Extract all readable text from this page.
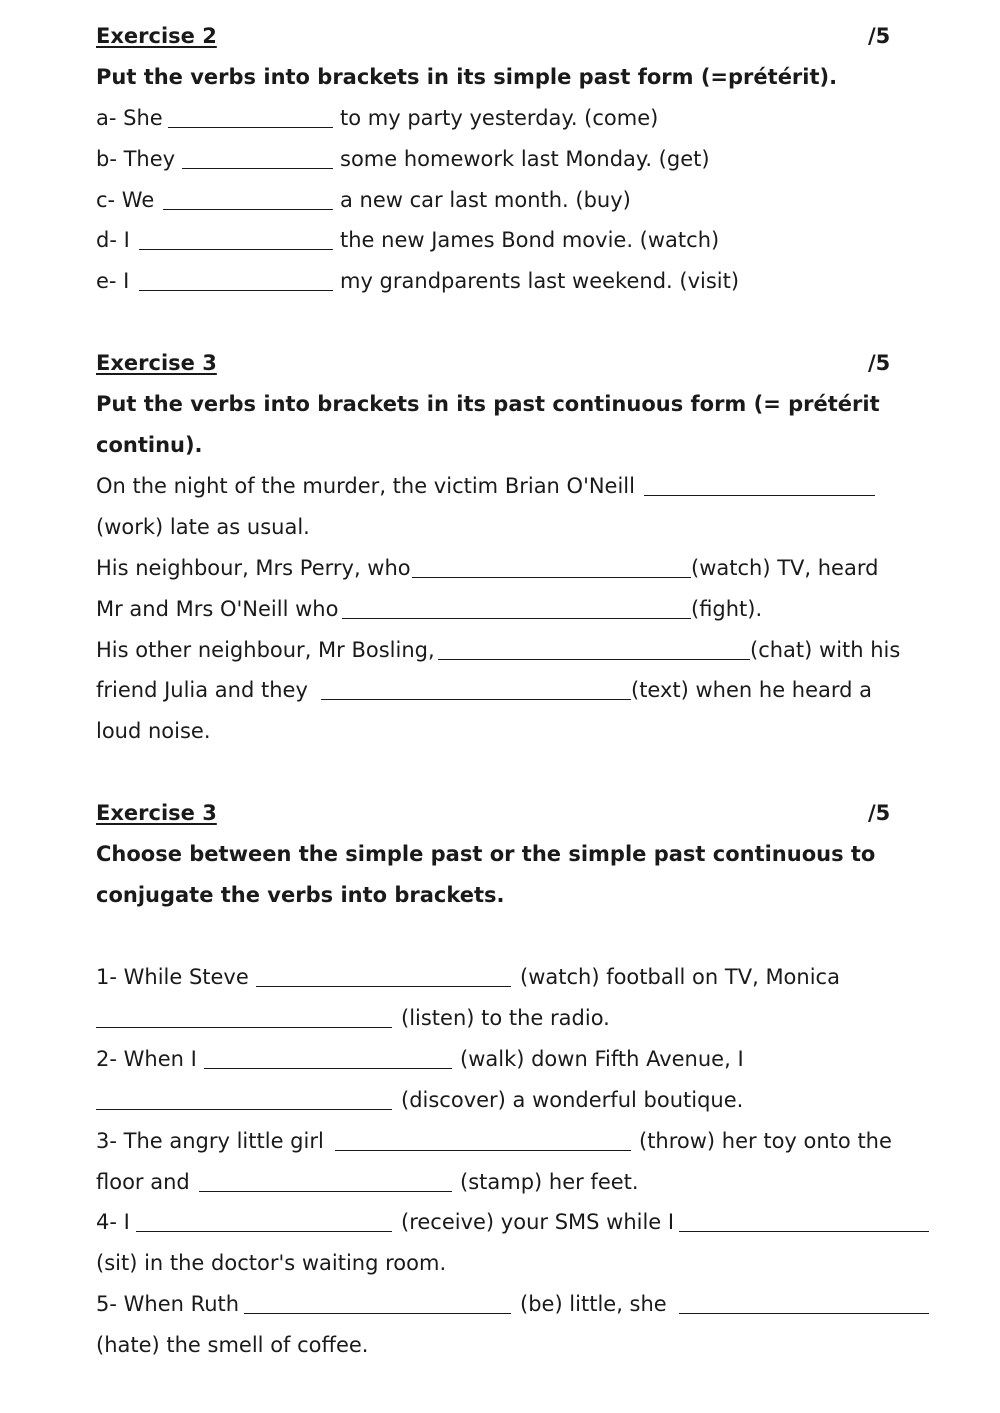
Exercise 2	/5
Put the verbs into brackets in its simple past form (=prétérit).
a- She	to my party yesterday. (come)
b- They	some homework last Monday. (get)
c- We	a new car last month. (buy)
d- I	the new James Bond movie. (watch)
e- I	my grandparents last weekend. (visit)
Exercise 3	/5
Put the verbs into brackets in its past continuous form (= prétérit
continu).
On the night of the murder, the victim Brian O'Neill
(work) late as usual.
His neighbour, Mrs Perry, who	(watch) TV, heard
Mr and Mrs O'Neill who	(fight).
His other neighbour, Mr Bosling,	(chat) with his
friend Julia and they	(text) when he heard a
loud noise.
Exercise 3	/5
Choose between the simple past or the simple past continuous to
conjugate the verbs into brackets.
1- While Steve	(watch) football on TV, Monica
(listen) to the radio.
2- When I	(walk) down Fifth Avenue, I
(discover) a wonderful boutique.
3- The angry little girl	(throw) her toy onto the
floor and	(stamp) her feet.
4- I	(receive) your SMS while I
(sit) in the doctor's waiting room.
5- When Ruth	(be) little, she
(hate) the smell of coffee.
